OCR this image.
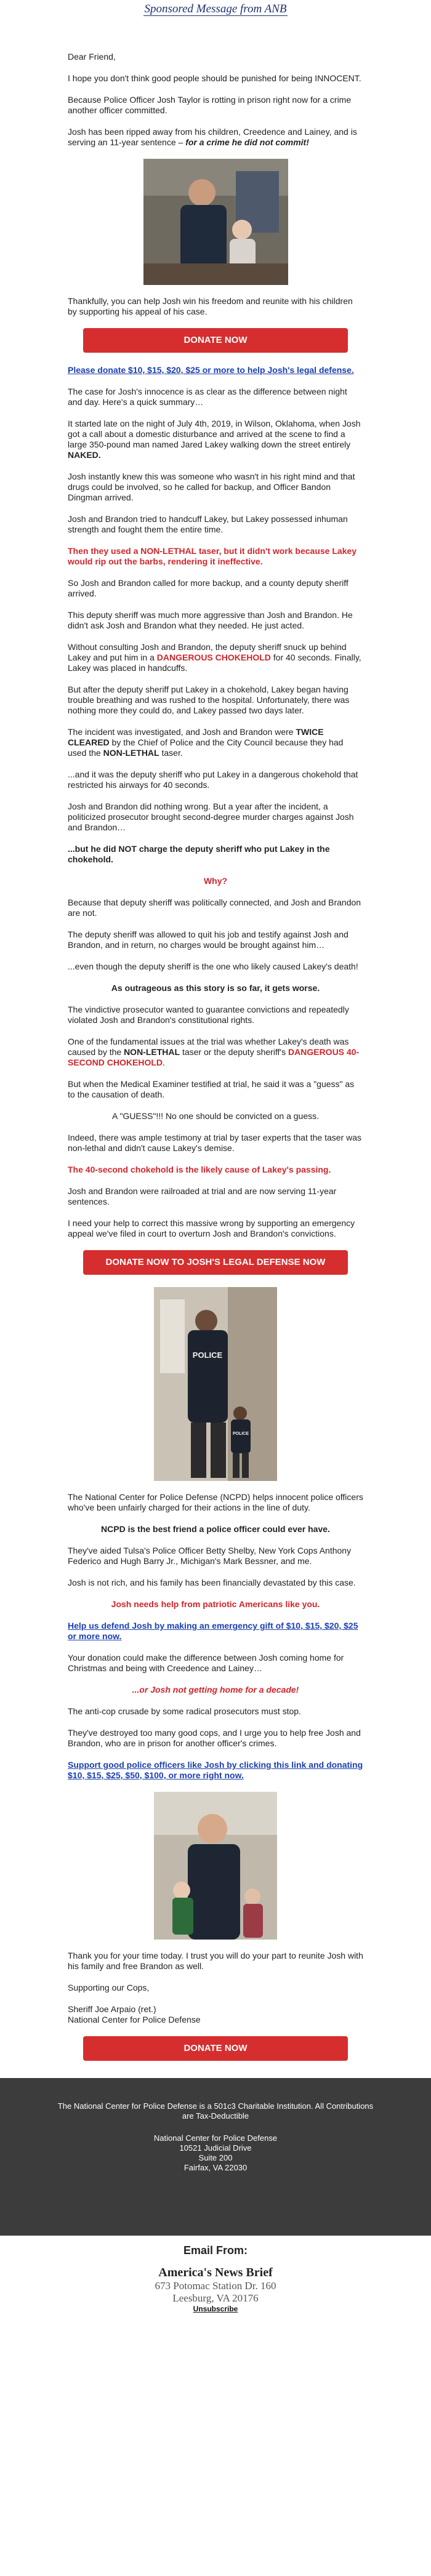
Sponsored Message from ANB

Dear Friend,

I hope you don't think good people should be punished for being INNOCENT.

Because Police Officer Josh Taylor is rotting in prison right now for a crime another officer committed.

Josh has been ripped away from his children, Creedence and Lainey, and is serving an 11-year sentence – for a crime he did not commit!

Thankfully, you can help Josh win his freedom and reunite with his children by supporting his appeal of his case.

DONATE NOW

Please donate $10, $15, $20, $25 or more to help Josh's legal defense.

The case for Josh's innocence is as clear as the difference between night and day. Here's a quick summary…

It started late on the night of July 4th, 2019, in Wilson, Oklahoma, when Josh got a call about a domestic disturbance and arrived at the scene to find a large 350-pound man named Jared Lakey walking down the street entirely NAKED.

Josh instantly knew this was someone who wasn't in his right mind and that drugs could be involved, so he called for backup, and Officer Bandon Dingman arrived.

Josh and Brandon tried to handcuff Lakey, but Lakey possessed inhuman strength and fought them the entire time.

Then they used a NON-LETHAL taser, but it didn't work because Lakey would rip out the barbs, rendering it ineffective.

So Josh and Brandon called for more backup, and a county deputy sheriff arrived.

This deputy sheriff was much more aggressive than Josh and Brandon. He didn't ask Josh and Brandon what they needed. He just acted.

Without consulting Josh and Brandon, the deputy sheriff snuck up behind Lakey and put him in a DANGEROUS CHOKEHOLD for 40 seconds. Finally, Lakey was placed in handcuffs.

But after the deputy sheriff put Lakey in a chokehold, Lakey began having trouble breathing and was rushed to the hospital. Unfortunately, there was nothing more they could do, and Lakey passed two days later.

The incident was investigated, and Josh and Brandon were TWICE CLEARED by the Chief of Police and the City Council because they had used the NON-LETHAL taser.

...and it was the deputy sheriff who put Lakey in a dangerous chokehold that restricted his airways for 40 seconds.

Josh and Brandon did nothing wrong. But a year after the incident, a politicized prosecutor brought second-degree murder charges against Josh and Brandon…

...but he did NOT charge the deputy sheriff who put Lakey in the chokehold.

Why?

Because that deputy sheriff was politically connected, and Josh and Brandon are not.

The deputy sheriff was allowed to quit his job and testify against Josh and Brandon, and in return, no charges would be brought against him…

...even though the deputy sheriff is the one who likely caused Lakey's death!

As outrageous as this story is so far, it gets worse.

The vindictive prosecutor wanted to guarantee convictions and repeatedly violated Josh and Brandon's constitutional rights.

One of the fundamental issues at the trial was whether Lakey's death was caused by the NON-LETHAL taser or the deputy sheriff's DANGEROUS 40-SECOND CHOKEHOLD.

But when the Medical Examiner testified at trial, he said it was a "guess" as to the causation of death.

A "GUESS"!!! No one should be convicted on a guess.

Indeed, there was ample testimony at trial by taser experts that the taser was non-lethal and didn't cause Lakey's demise.

The 40-second chokehold is the likely cause of Lakey's passing.

Josh and Brandon were railroaded at trial and are now serving 11-year sentences.

I need your help to correct this massive wrong by supporting an emergency appeal we've filed in court to overturn Josh and Brandon's convictions.

DONATE NOW TO JOSH'S LEGAL DEFENSE NOW
POLICE
POLICE

The National Center for Police Defense (NCPD) helps innocent police officers who've been unfairly charged for their actions in the line of duty.

NCPD is the best friend a police officer could ever have.

They've aided Tulsa's Police Officer Betty Shelby, New York Cops Anthony Federico and Hugh Barry Jr., Michigan's Mark Bessner, and me.

Josh is not rich, and his family has been financially devastated by this case.

Josh needs help from patriotic Americans like you.

Help us defend Josh by making an emergency gift of $10, $15, $20, $25 or more now.

Your donation could make the difference between Josh coming home for Christmas and being with Creedence and Lainey…

...or Josh not getting home for a decade!

The anti-cop crusade by some radical prosecutors must stop.

They've destroyed too many good cops, and I urge you to help free Josh and Brandon, who are in prison for another officer's crimes.

Support good police officers like Josh by clicking this link and donating $10, $15, $25, $50, $100, or more right now.

Thank you for your time today. I trust you will do your part to reunite Josh with his family and free Brandon as well.

Supporting our Cops,

Sheriff Joe Arpaio (ret.)
National Center for Police Defense

DONATE NOW

The National Center for Police Defense is a 501c3 Charitable Institution. All Contributions are Tax-Deductible

National Center for Police Defense

10521 Judicial Drive

Suite 200

Fairfax, VA 22030

Email From:
America's News Brief
673 Potomac Station Dr. 160
Leesburg, VA 20176
Unsubscribe
